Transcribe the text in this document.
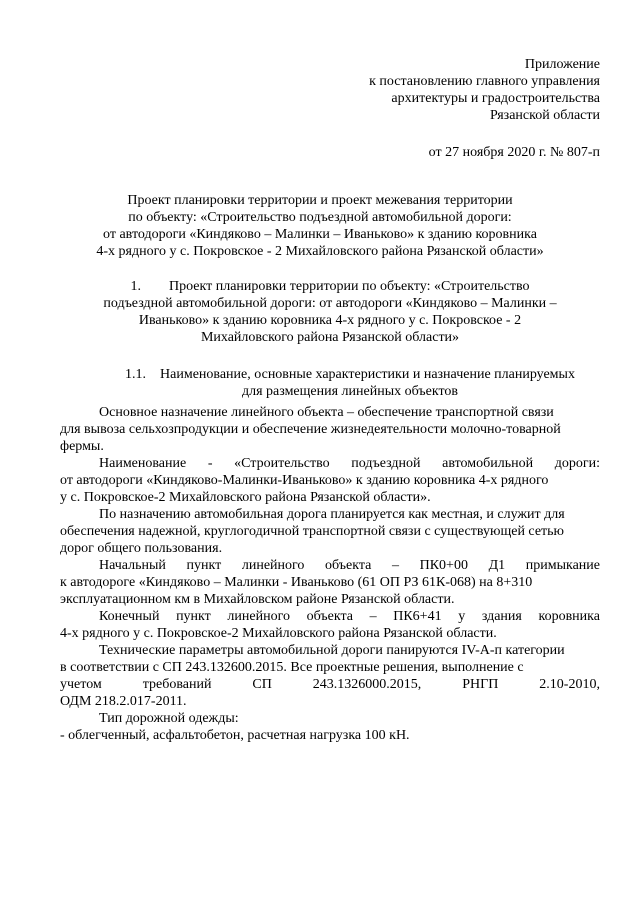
Приложение
к постановлению главного управления
архитектуры и градостроительства
Рязанской области
от 27 ноября 2020 г. № 807-п
Проект планировки территории и проект межевания территории
по объекту: «Строительство подъездной автомобильной дороги:
от автодороги «Киндяково – Малинки – Иваньково» к зданию коровника
4-х рядного у с. Покровское - 2 Михайловского района Рязанской области»
1.        Проект планировки территории по объекту: «Строительство
подъездной автомобильной дороги: от автодороги «Киндяково – Малинки –
Иваньково» к зданию коровника 4-х рядного у с. Покровское - 2
Михайловского района Рязанской области»
1.1.    Наименование, основные характеристики и назначение планируемых
для размещения линейных объектов
Основное назначение линейного объекта – обеспечение транспортной связи
для вывоза сельхозпродукции и обеспечение жизнедеятельности молочно-товарной
фермы.
Наименование - «Строительство подъездной автомобильной дороги:
от автодороги «Киндяково-Малинки-Иваньково» к зданию коровника 4-х рядного
у с. Покровское-2 Михайловского района Рязанской области».
По назначению автомобильная дорога планируется как местная, и служит для
обеспечения надежной, круглогодичной транспортной связи с существующей сетью
дорог общего пользования.
Начальный пункт линейного объекта – ПК0+00 Д1 примыкание
к автодороге «Киндяково – Малинки - Иваньково (61 ОП РЗ 61К-068) на 8+310
эксплуатационном км в Михайловском районе Рязанской области.
Конечный пункт линейного объекта – ПК6+41 у здания коровника
4-х рядного у с. Покровское-2 Михайловского района Рязанской области.
Технические параметры автомобильной дороги панируются IV-А-п категории
в соответствии с СП 243.132600.2015. Все проектные решения, выполнение с
учетом	требований	СП	243.1326000.2015,	РНГП	2.10-2010,
ОДМ 218.2.017-2011.
Тип дорожной одежды:
- облегченный, асфальтобетон, расчетная нагрузка 100 кН.
